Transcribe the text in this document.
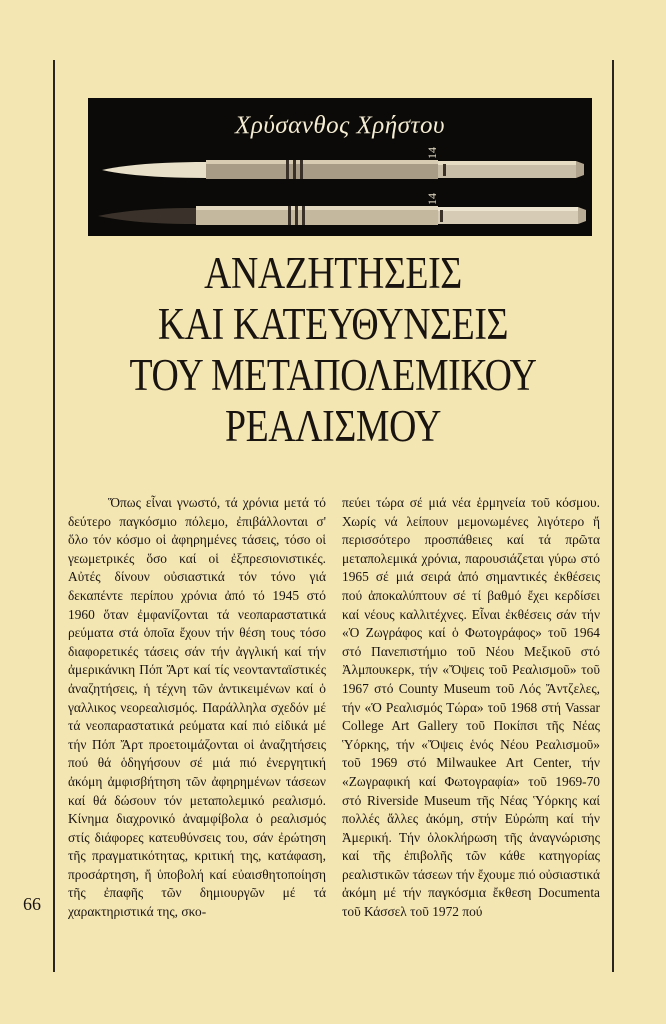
Χρύσανθος Χρήστου
14
14
ΑΝΑΖΗΤΗΣΕΙΣ
ΚΑΙ ΚΑΤΕΥΘΥΝΣΕΙΣ
ΤΟΥ ΜΕΤΑΠΟΛΕΜΙΚΟΥ
ΡΕΑΛΙΣΜΟΥ

Ὅπως εἶναι γνωστό, τά χρόνια μετά τό δεύτερο παγκόσμιο πόλεμο, ἐπιβάλλονται σ' ὅλο τόν κόσμο οἱ ἀφηρημένες τάσεις, τόσο οἱ γεωμετρικές ὅσο καί οἱ ἐξπρεσιονιστικές. Αὐτές δίνουν οὐσιαστικά τόν τόνο γιά δεκαπέντε περίπου χρόνια ἀπό τό 1945 στό 1960 ὅταν ἐμφανίζονται τά νεοπαραστατικά ρεύματα στά ὁποῖα ἔχουν τήν θέση τους τόσο διαφορετικές τάσεις σάν τήν ἀγγλική καί τήν ἀμερικάνικη Πόπ Ἄρτ καί τίς νεοντανταϊστικές ἀναζητήσεις, ἡ τέχνη τῶν ἀντικειμένων καί ὁ γαλλικος νεορεαλισμός. Παράλληλα σχεδόν μέ τά νεοπαραστατικά ρεύματα καί πιό εἰδικά μέ τήν Πόπ Ἄρτ προετοιμάζονται οἱ ἀναζητήσεις πού θά ὁδηγήσουν σέ μιά πιό ἐνεργητική ἀκόμη ἀμφισβήτηση τῶν ἀφηρημένων τάσεων καί θά δώσουν τόν μεταπολεμικό ρεαλισμό. Κίνημα διαχρονικό ἀναμφίβολα ὁ ρεαλισμός στίς διάφορες κατευθύνσεις του, σάν ἐρώτηση τῆς πραγματικότητας, κριτική της, κατάφαση, προσάρτηση, ἤ ὑποβολή καί εὐαισθητοποίηση τῆς ἐπαφῆς τῶν δημιουργῶν μέ τά χαρακτηριστικά της, σκο-

πεύει τώρα σέ μιά νέα ἑρμηνεία τοῦ κόσμου. Χωρίς νά λείπουν μεμονωμένες λιγότερο ἤ περισσότερο προσπάθειες καί τά πρῶτα μεταπολεμικά χρόνια, παρουσιάζεται γύρω στό 1965 σέ μιά σειρά ἀπό σημαντικές ἐκθέσεις πού ἀποκαλύπτουν σέ τί βαθμό ἔχει κερδίσει καί νέους καλλιτέχνες. Εἶναι ἐκθέσεις σάν τήν «Ὁ Ζωγράφος καί ὁ Φωτογράφος» τοῦ 1964 στό Πανεπιστήμιο τοῦ Νέου Μεξικοῦ στό Ἀλμπουκερκ, τήν «Ὄψεις τοῦ Ρεαλισμοῦ» τοῦ 1967 στό County Museum τοῦ Λός Ἄντζελες, τήν «Ὁ Ρεαλισμός Τώρα» τοῦ 1968 στή Vassar College Art Gallery τοῦ Ποκίπσι τῆς Νέας Ὑόρκης, τήν «Ὄψεις ἑνός Νέου Ρεαλισμοῦ» τοῦ 1969 στό Milwaukee Art Center, τήν «Ζωγραφική καί Φωτογραφία» τοῦ 1969-70 στό Riverside Museum τῆς Νέας Ὑόρκης καί πολλές ἄλλες ἀκόμη, στήν Εὐρώπη καί τήν Ἀμερική. Τήν ὁλοκλήρωση τῆς ἀναγνώρισης καί τῆς ἐπιβολῆς τῶν κάθε κατηγορίας ρεαλιστικῶν τάσεων τήν ἔχουμε πιό οὐσιαστικά ἀκόμη μέ τήν παγκόσμια ἔκθεση Documenta τοῦ Κάσσελ τοῦ 1972 πού

66
